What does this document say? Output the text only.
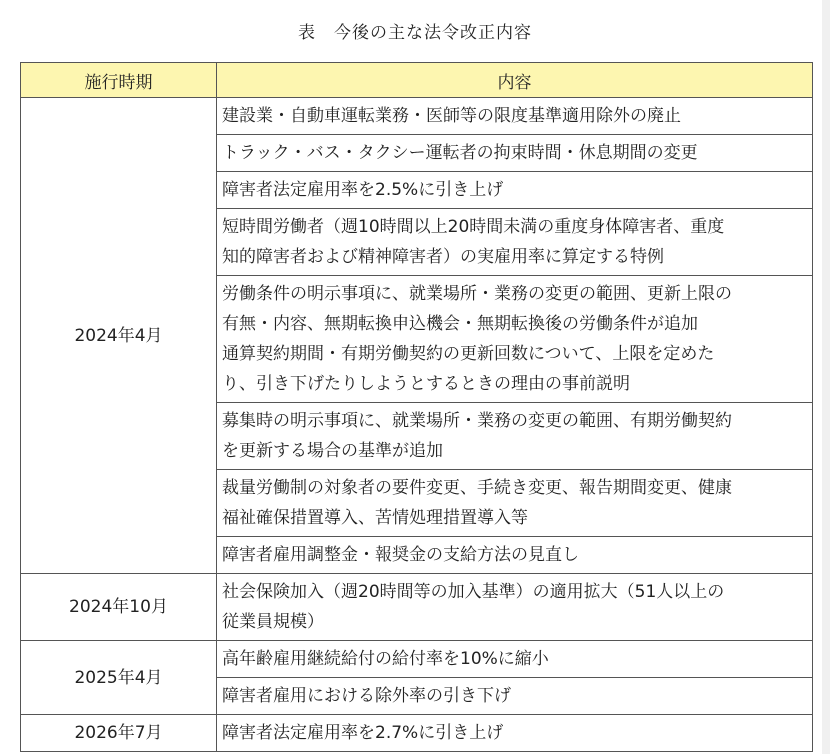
表　今後の主な法令改正内容
施行時期	内容
2024年4月	建設業・自動車運転業務・医師等の限度基準適用除外の廃止
	トラック・バス・タクシー運転者の拘束時間・休息期間の変更
	障害者法定雇用率を2.5%に引き上げ
	短時間労働者（週10時間以上20時間未満の重度身体障害者、重度
知的障害者および精神障害者）の実雇用率に算定する特例
	労働条件の明示事項に、就業場所・業務の変更の範囲、更新上限の
有無・内容、無期転換申込機会・無期転換後の労働条件が追加
通算契約期間・有期労働契約の更新回数について、上限を定めた
り、引き下げたりしようとするときの理由の事前説明
	募集時の明示事項に、就業場所・業務の変更の範囲、有期労働契約
を更新する場合の基準が追加
	裁量労働制の対象者の要件変更、手続き変更、報告期間変更、健康
福祉確保措置導入、苦情処理措置導入等
	障害者雇用調整金・報奨金の支給方法の見直し
2024年10月	社会保険加入（週20時間等の加入基準）の適用拡大（51人以上の
従業員規模）
2025年4月	高年齢雇用継続給付の給付率を10%に縮小
	障害者雇用における除外率の引き下げ
2026年7月	障害者法定雇用率を2.7%に引き上げ
